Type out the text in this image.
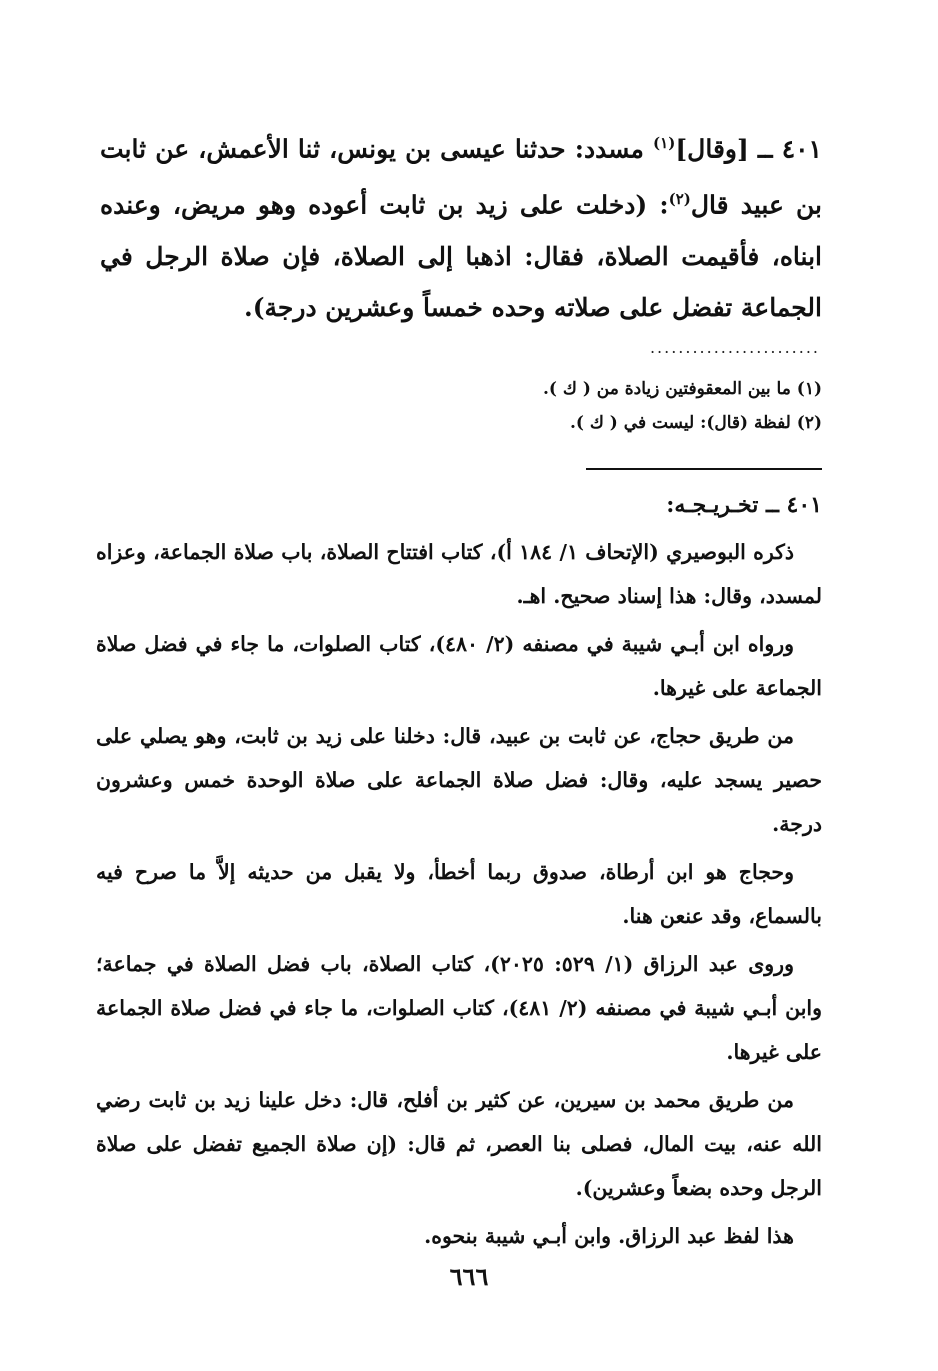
٤٠١ ــ [وقال]$^{(١)}$ مسدد: حدثنا عيسى بن يونس، ثنا الأعمش، عن ثابت بن عبيد قال$^{(٢)}$: (دخلت على زيد بن ثابت أعوده وهو مريض، وعنده ابناه، فأقيمت الصلاة، فقال: اذهبا إلى الصلاة، فإن صلاة الرجل في الجماعة تفضل على صلاته وحده خمساً وعشرين درجة).
........................
(١) ما بين المعقوفتين زيادة من ( ك ).
(٢) لفظة (قال): ليست في ( ك ).
٤٠١ ــ تخـريـجـه:

ذكره البوصيري (الإتحاف ١/ ١٨٤ أ)، كتاب افتتاح الصلاة، باب صلاة الجماعة، وعزاه لمسدد، وقال: هذا إسناد صحيح. اهـ.

ورواه ابن أبـي شيبة في مصنفه (٢/ ٤٨٠)، كتاب الصلوات، ما جاء في فضل صلاة الجماعة على غيرها.

من طريق حجاج، عن ثابت بن عبيد، قال: دخلنا على زيد بن ثابت، وهو يصلي على حصير يسجد عليه، وقال: فضل صلاة الجماعة على صلاة الوحدة خمس وعشرون درجة.

وحجاج هو ابن أرطاة، صدوق ربما أخطأ، ولا يقبل من حديثه إلاَّ ما صرح فيه بالسماع، وقد عنعن هنا.

وروى عبد الرزاق (١/ ٥٢٩: ٢٠٢٥)، كتاب الصلاة، باب فضل الصلاة في جماعة؛ وابن أبـي شيبة في مصنفه (٢/ ٤٨١)، كتاب الصلوات، ما جاء في فضل صلاة الجماعة على غيرها.

من طريق محمد بن سيرين، عن كثير بن أفلح، قال: دخل علينا زيد بن ثابت رضي الله عنه، بيت المال، فصلى بنا العصر، ثم قال: (إن صلاة الجميع تفضل على صلاة الرجل وحده بضعاً وعشرين).

هذا لفظ عبد الرزاق. وابن أبـي شيبة بنحوه.

٦٦٦
